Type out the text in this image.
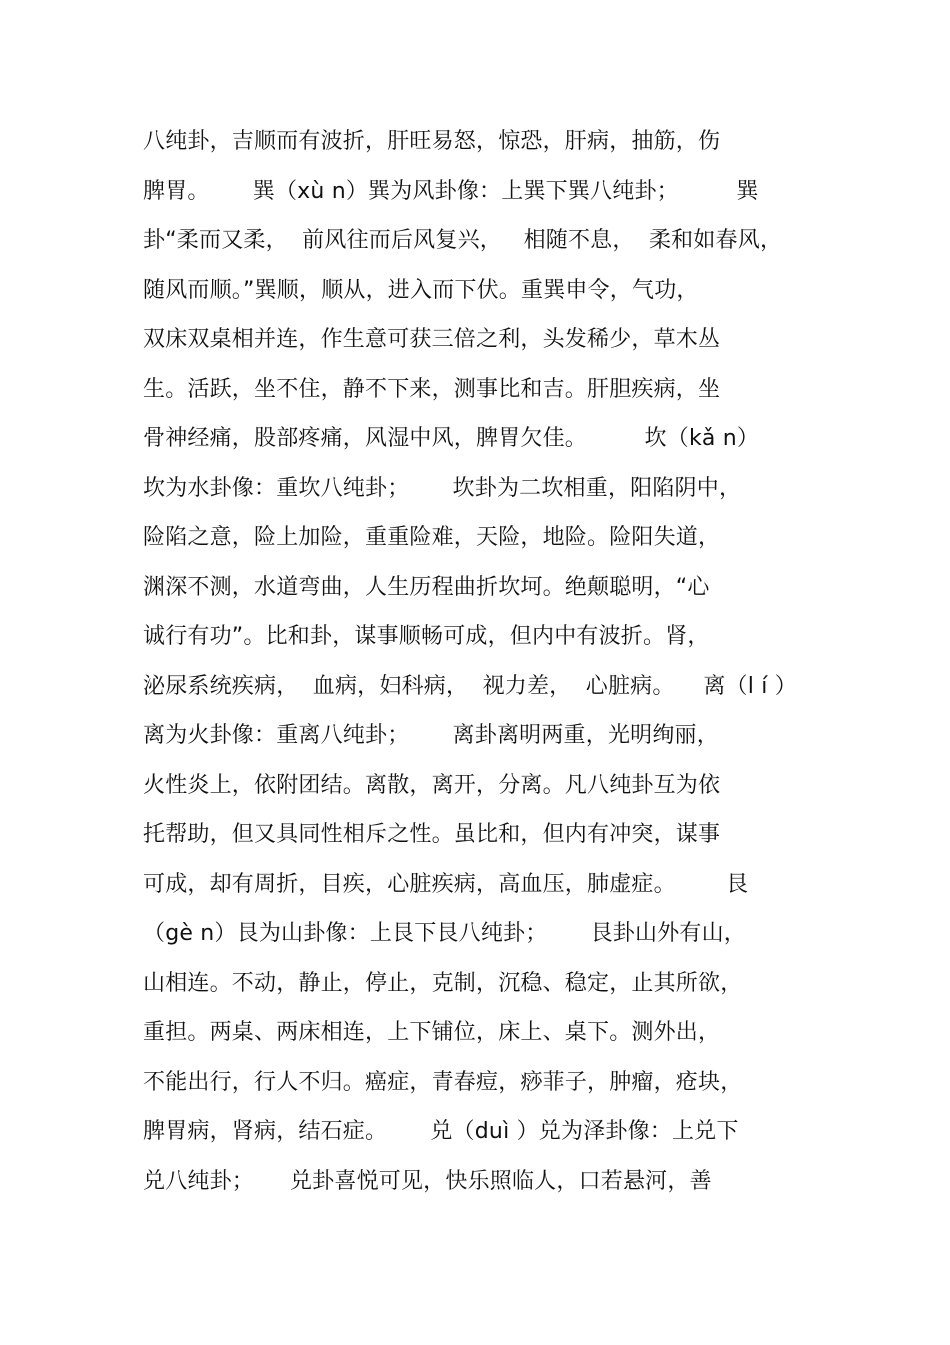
八纯卦，吉顺而有波折，肝旺易怒，惊恐，肝病，抽筋，伤
脾胃。      巽（xù n）巽为风卦像：上巽下巽八纯卦；        巽
卦“柔而又柔，  前风往而后风复兴，   相随不息，  柔和如春风，
随风而顺。”巽顺，顺从，进入而下伏。重巽申令，气功，
双床双桌相并连，作生意可获三倍之利，头发稀少，草木丛
生。活跃，坐不住，静不下来，测事比和吉。肝胆疾病，坐
骨神经痛，股部疼痛，风湿中风，脾胃欠佳。        坎（kǎ n）
坎为水卦像：重坎八纯卦；      坎卦为二坎相重，阳陷阴中，
险陷之意，险上加险，重重险难，天险，地险。险阳失道，
渊深不测，水道弯曲，人生历程曲折坎坷。绝颠聪明，“心
诚行有功”。比和卦，谋事顺畅可成，但内中有波折。肾，
泌尿系统疾病，  血病，妇科病，  视力差，  心脏病。    离（l í ）
离为火卦像：重离八纯卦；      离卦离明两重，光明绚丽，
火性炎上，依附团结。离散，离开，分离。凡八纯卦互为依
托帮助，但又具同性相斥之性。虽比和，但内有冲突，谋事
可成，却有周折，目疾，心脏疾病，高血压，肺虚症。       艮
（gè n）艮为山卦像：上艮下艮八纯卦；      艮卦山外有山，
山相连。不动，静止，停止，克制，沉稳、稳定，止其所欲，
重担。两桌、两床相连，上下铺位，床上、桌下。测外出，
不能出行，行人不归。癌症，青春痘，痧菲子，肿瘤，疮块，
脾胃病，肾病，结石症。      兑（duì ）兑为泽卦像：上兑下
兑八纯卦；     兑卦喜悦可见，快乐照临人，口若悬河，善
